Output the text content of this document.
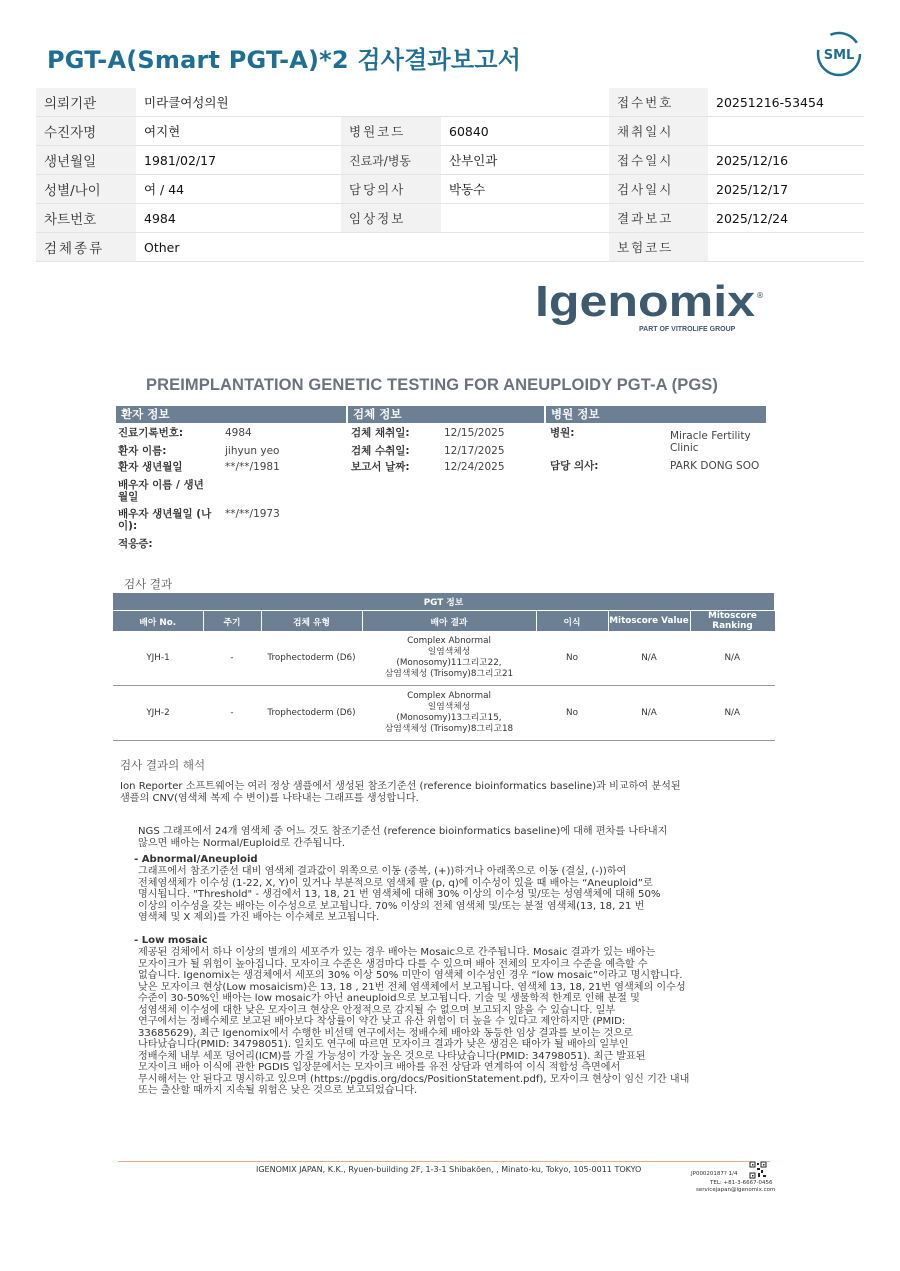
PGT-A(Smart PGT-A)*2 검사결과보고서	SML
의뢰기관	미라클여성의원			접수번호	20251216-53454
수진자명	여지현	병원코드	60840	채취일시	
생년월일	1981/02/17	진료과/병동	산부인과	접수일시	2025/12/16
성별/나이	여 / 44	담당의사	박동수	검사일시	2025/12/17
차트번호	4984	임상정보		결과보고	2025/12/24
검체종류	Other			보험코드	
Igenomix ®
PART OF VITROLIFE GROUP
PREIMPLANTATION GENETIC TESTING FOR ANEUPLOIDY PGT-A (PGS)
환자 정보	검체 정보	병원 정보
진료기록번호:	4984
환자 이름:	jihyun yeo
환자 생년월일	**/**/1981
배우자 이름 / 생년월일
배우자 생년월일 (나이):
**/**/1973
적응증:
검체 채취일:	12/15/2025
검체 수취일:	12/17/2025
보고서 날짜:	12/24/2025
병원:	Miracle Fertility Clinic
담당 의사:	PARK DONG SOO
검사 결과
PGT 정보						
배아 No.	주기	검체 유형	배아 결과	이식	Mitoscore Value	Mitoscore Ranking
YJH-1	-	Trophectoderm (D6)	Complex Abnormal
일염색체성
(Monosomy)11그리고22,
삼염색체성 (Trisomy)8그리고21	No	N/A	N/A
YJH-2	-	Trophectoderm (D6)	Complex Abnormal
일염색체성
(Monosomy)13그리고15,
삼염색체성 (Trisomy)8그리고18	No	N/A	N/A
검사 결과의 해석
Ion Reporter 소프트웨어는 여러 정상 샘플에서 생성된 참조기준선 (reference bioinformatics baseline)과 비교하여 분석된
샘플의 CNV(염색체 복제 수 변이)를 나타내는 그래프를 생성합니다.
NGS 그래프에서 24개 염색체 중 어느 것도 참조기준선 (reference bioinformatics baseline)에 대해 편차를 나타내지
않으면 배아는 Normal/Euploid로 간주됩니다.
- Abnormal/Aneuploid
그래프에서 참조기준선 대비 염색체 결과값이 위쪽으로 이동 (중복, (+))하거나 아래쪽으로 이동 (결실, (-))하여
전체염색체가 이수성 (1-22, X, Y)이 있거나 부분적으로 염색체 팔 (p, q)에 이수성이 있을 때 배아는 “Aneuploid”로
명시됩니다. "Threshold" - 생검에서 13, 18, 21 번 염색체에 대해 30% 이상의 이수성 및/또는 성염색체에 대해 50%
이상의 이수성을 갖는 배아는 이수성으로 보고됩니다. 70% 이상의 전체 염색체 및/또는 분절 염색체(13, 18, 21 번
염색체 및 X 제외)를 가진 배아는 이수체로 보고됩니다.
- Low mosaic
제공된 검체에서 하나 이상의 별개의 세포주가 있는 경우 배아는 Mosaic으로 간주됩니다. Mosaic 결과가 있는 배아는
모자이크가 될 위험이 높아집니다. 모자이크 수준은 생검마다 다를 수 있으며 배아 전체의 모자이크 수준을 예측할 수
없습니다. Igenomix는 생검체에서 세포의 30% 이상 50% 미만이 염색체 이수성인 경우 “low mosaic”이라고 명시합니다.
낮은 모자이크 현상(Low mosaicism)은 13, 18 , 21번 전체 염색체에서 보고됩니다. 염색체 13, 18, 21번 염색체의 이수성
수준이 30-50%인 배아는 low mosaic가 아닌 aneuploid으로 보고됩니다. 기술 및 생물학적 한계로 인해 분절 및
성염색체 이수성에 대한 낮은 모자이크 현상은 안정적으로 감지될 수 없으며 보고되지 않을 수 있습니다. 일부
연구에서는 정배수체로 보고된 배아보다 착상률이 약간 낮고 유산 위험이 더 높을 수 있다고 제안하지만 (PMID:
33685629), 최근 Igenomix에서 수행한 비선택 연구에서는 정배수체 배아와 동등한 임상 결과를 보이는 것으로
나타났습니다(PMID: 34798051). 일치도 연구에 따르면 모자이크 결과가 낮은 생검은 태아가 될 배아의 일부인
정배수체 내부 세포 덩어리(ICM)를 가질 가능성이 가장 높은 것으로 나타났습니다(PMID: 34798051). 최근 발표된
모자이크 배아 이식에 관한 PGDIS 입장문에서는 모자이크 배아를 유전 상담과 연계하여 이식 적합성 측면에서
무시해서는 안 된다고 명시하고 있으며 (https://pgdis.org/docs/PositionStatement.pdf), 모자이크 현상이 임신 기간 내내
또는 출산할 때까지 지속될 위험은 낮은 것으로 보고되었습니다.
IGENOMIX JAPAN, K.K., Ryuen-building 2F, 1-3-1 Shibakōen, , Minato-ku, Tokyo, 105-0011 TOKYO	JP00020187? 1/4
TEL: +81-3-6667-0456
servicejapan@igenomix.com
